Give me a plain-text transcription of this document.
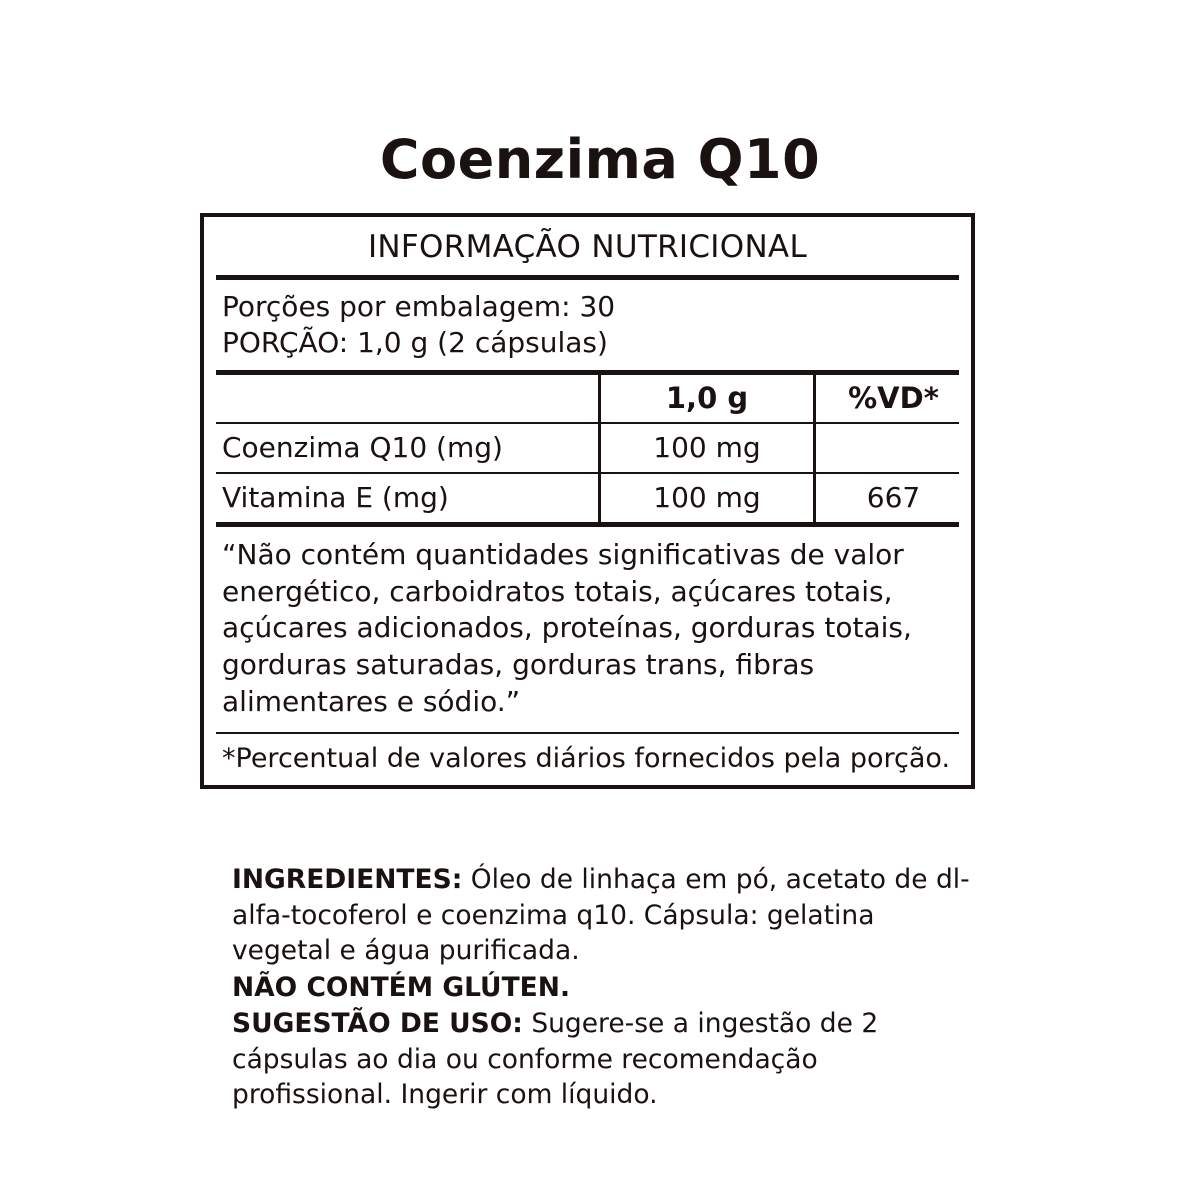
Coenzima Q10
INFORMAÇÃO NUTRICIONAL
Porções por embalagem: 30
PORÇÃO: 1,0 g (2 cápsulas)
	1,0 g	%VD*

Coenzima Q10 (mg)	100 mg	

Vitamina E (mg)	100 mg	667
“Não contém quantidades significativas de valor energético, carboidratos totais, açúcares totais, açúcares adicionados, proteínas, gorduras totais, gorduras saturadas, gorduras trans, fibras alimentares e sódio.”
*Percentual de valores diários fornecidos pela porção.

INGREDIENTES: Óleo de linhaça em pó, acetato de dl-alfa-tocoferol e coenzima q10. Cápsula: gelatina vegetal e água purificada.

NÃO CONTÉM GLÚTEN.

SUGESTÃO DE USO: Sugere-se a ingestão de 2 cápsulas ao dia ou conforme recomendação profissional. Ingerir com líquido.
